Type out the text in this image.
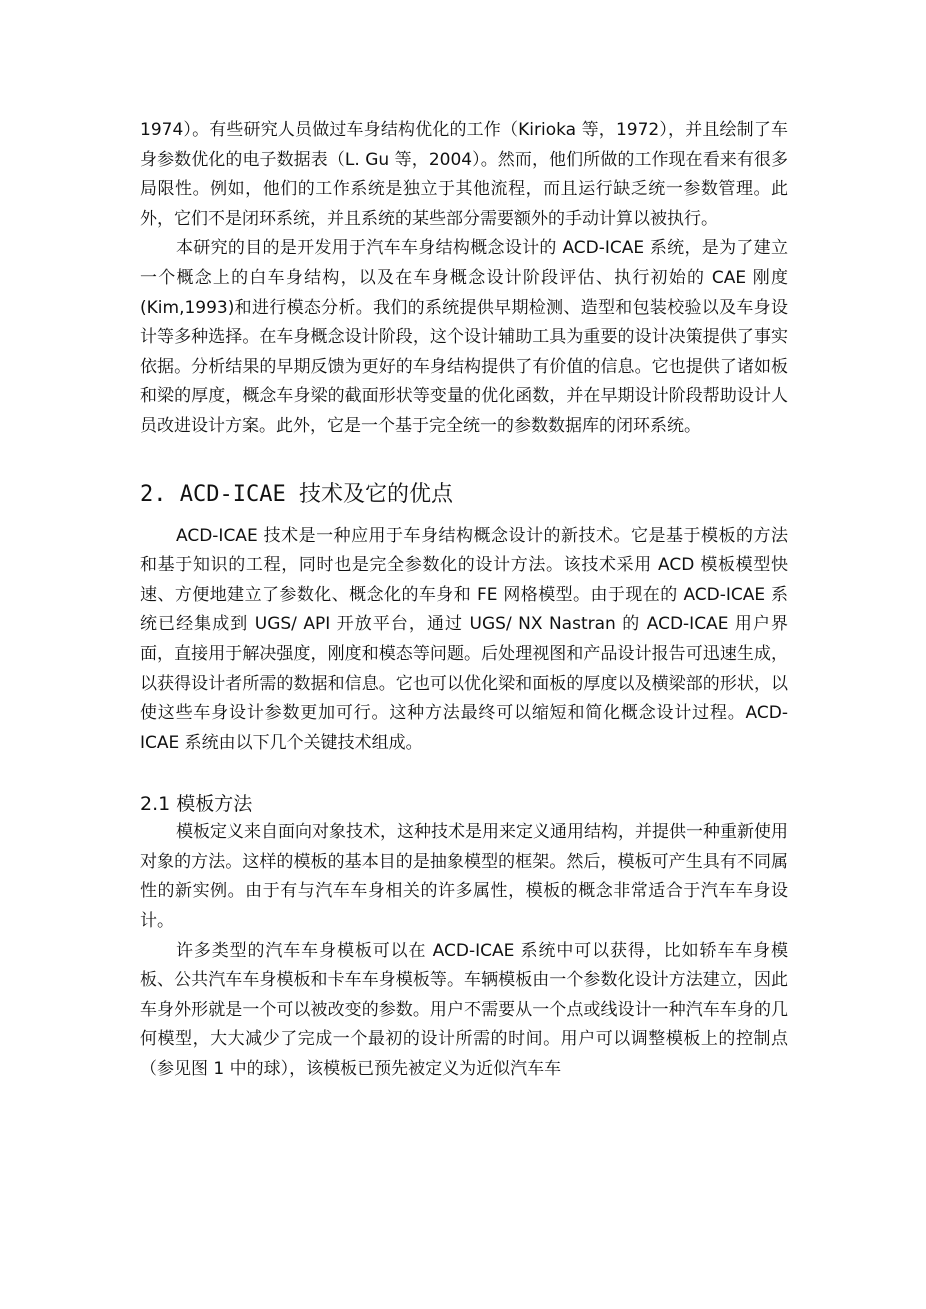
1974）。有些研究人员做过车身结构优化的工作（Kirioka 等，1972），并且绘制了车身参数优化的电子数据表（L. Gu 等，2004）。然而，他们所做的工作现在看来有很多局限性。例如，他们的工作系统是独立于其他流程，而且运行缺乏统一参数管理。此外，它们不是闭环系统，并且系统的某些部分需要额外的手动计算以被执行。

本研究的目的是开发用于汽车车身结构概念设计的 ACD-ICAE 系统，是为了建立一个概念上的白车身结构，以及在车身概念设计阶段评估、执行初始的 CAE 刚度(Kim,1993)和进行模态分析。我们的系统提供早期检测、造型和包装校验以及车身设计等多种选择。在车身概念设计阶段，这个设计辅助工具为重要的设计决策提供了事实依据。分析结果的早期反馈为更好的车身结构提供了有价值的信息。它也提供了诸如板和梁的厚度，概念车身梁的截面形状等变量的优化函数，并在早期设计阶段帮助设计人员改进设计方案。此外，它是一个基于完全统一的参数数据库的闭环系统。

2. ACD-ICAE 技术及它的优点

ACD-ICAE 技术是一种应用于车身结构概念设计的新技术。它是基于模板的方法和基于知识的工程，同时也是完全参数化的设计方法。该技术采用 ACD 模板模型快速、方便地建立了参数化、概念化的车身和 FE 网格模型。由于现在的 ACD-ICAE 系统已经集成到 UGS/ API 开放平台，通过 UGS/ NX Nastran 的 ACD-ICAE 用户界面，直接用于解决强度，刚度和模态等问题。后处理视图和产品设计报告可迅速生成，以获得设计者所需的数据和信息。它也可以优化梁和面板的厚度以及横梁部的形状，以使这些车身设计参数更加可行。这种方法最终可以缩短和简化概念设计过程。ACD-ICAE 系统由以下几个关键技术组成。

2.1 模板方法

模板定义来自面向对象技术，这种技术是用来定义通用结构，并提供一种重新使用对象的方法。这样的模板的基本目的是抽象模型的框架。然后，模板可产生具有不同属性的新实例。由于有与汽车车身相关的许多属性，模板的概念非常适合于汽车车身设计。

许多类型的汽车车身模板可以在 ACD-ICAE 系统中可以获得，比如轿车车身模板、公共汽车车身模板和卡车车身模板等。车辆模板由一个参数化设计方法建立，因此车身外形就是一个可以被改变的参数。用户不需要从一个点或线设计一种汽车车身的几何模型，大大减少了完成一个最初的设计所需的时间。用户可以调整模板上的控制点（参见图 1 中的球），该模板已预先被定义为近似汽车车
